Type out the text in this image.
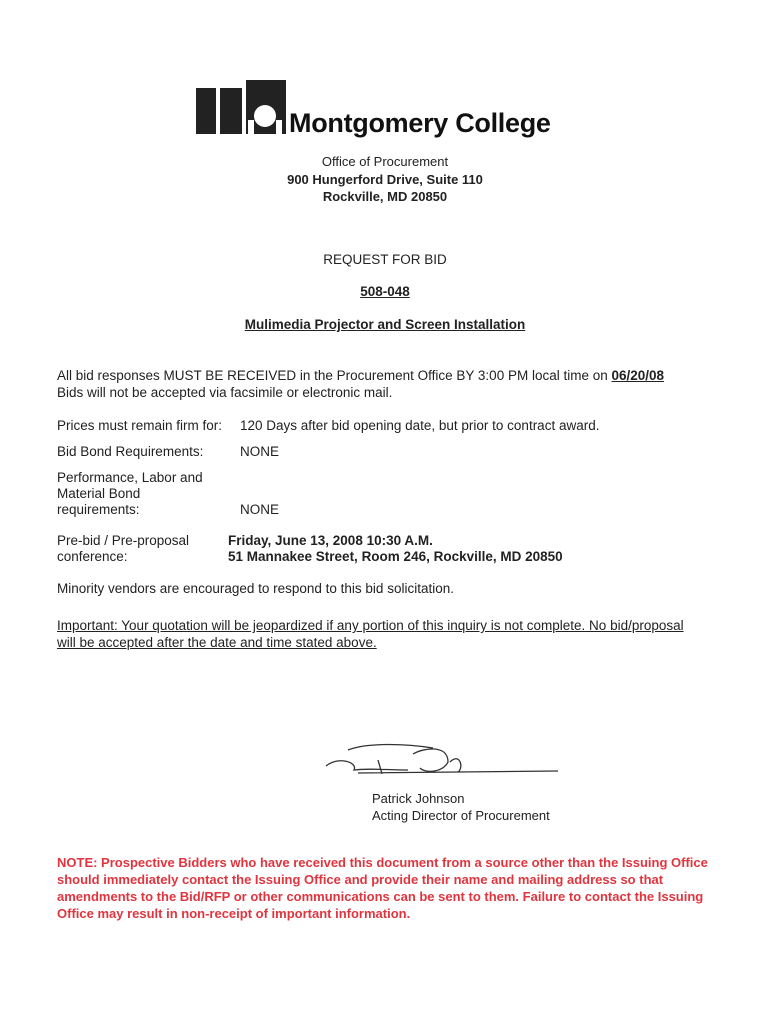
Montgomery College
Office of Procurement
900 Hungerford Drive, Suite 110
Rockville, MD 20850
REQUEST FOR BID
508-048
Mulimedia Projector and Screen Installation
All bid responses MUST BE RECEIVED in the Procurement Office BY 3:00 PM local time on 06/20/08
Bids will not be accepted via facsimile or electronic mail.
Prices must remain firm for: 120 Days after bid opening date, but prior to contract award.
Bid Bond Requirements:	NONE
Performance, Labor and
Material Bond
requirements:	NONE
Pre-bid / Pre-proposal
conference:
Friday, June 13, 2008 10:30 A.M.
51 Mannakee Street, Room 246, Rockville, MD 20850
Minority vendors are encouraged to respond to this bid solicitation.
Important: Your quotation will be jeopardized if any portion of this inquiry is not complete. No bid/proposal will be accepted after the date and time stated above.
Patrick Johnson
Acting Director of Procurement
NOTE: Prospective Bidders who have received this document from a source other than the Issuing Office should immediately contact the Issuing Office and provide their name and mailing address so that amendments to the Bid/RFP or other communications can be sent to them. Failure to contact the Issuing Office may result in non-receipt of important information.
